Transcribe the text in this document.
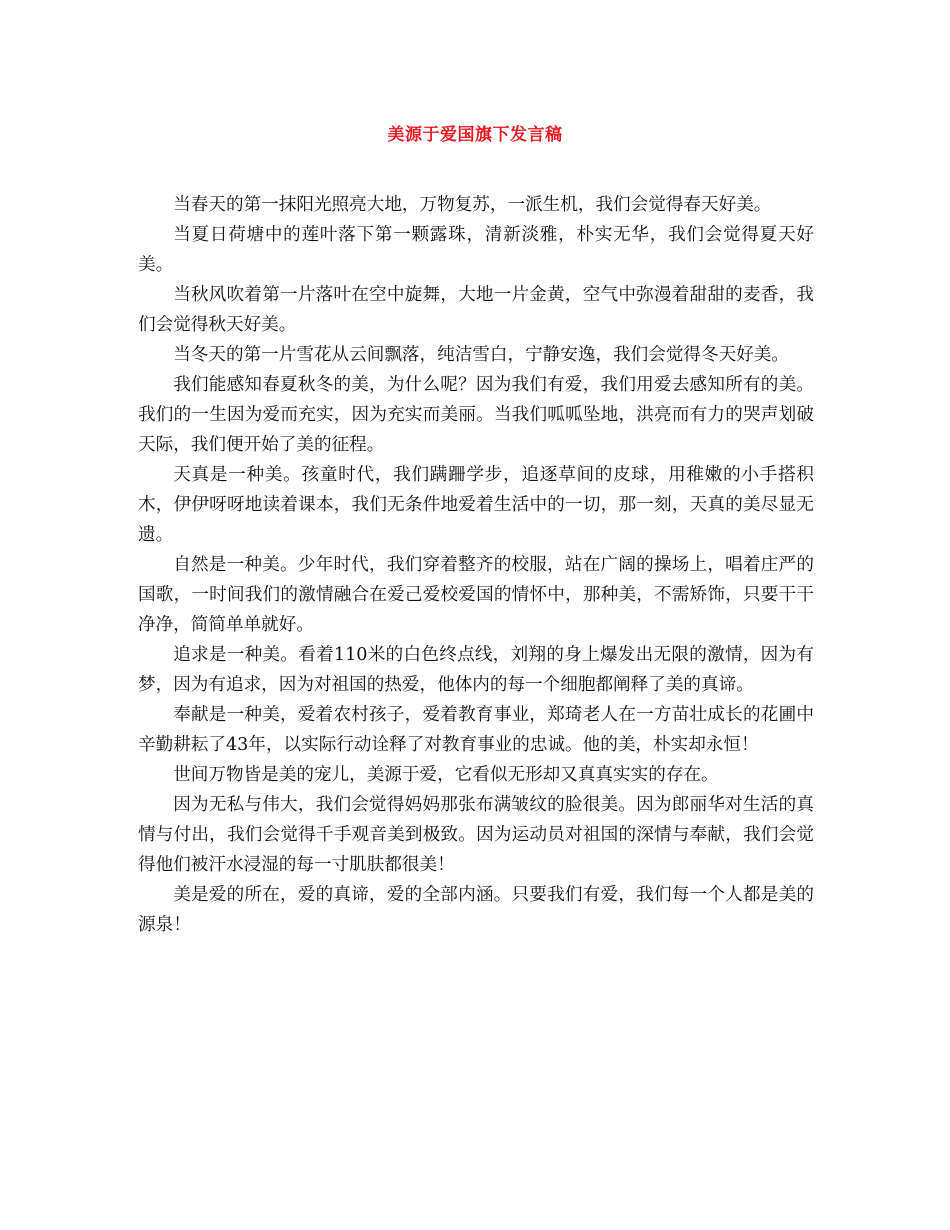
美源于爱国旗下发言稿

当春天的第一抹阳光照亮大地，万物复苏，一派生机，我们会觉得春天好美。

当夏日荷塘中的莲叶落下第一颗露珠，清新淡雅，朴实无华，我们会觉得夏天好美。

当秋风吹着第一片落叶在空中旋舞，大地一片金黄，空气中弥漫着甜甜的麦香，我们会觉得秋天好美。

当冬天的第一片雪花从云间飘落，纯洁雪白，宁静安逸，我们会觉得冬天好美。

我们能感知春夏秋冬的美，为什么呢？因为我们有爱，我们用爱去感知所有的美。我们的一生因为爱而充实，因为充实而美丽。当我们呱呱坠地，洪亮而有力的哭声划破天际，我们便开始了美的征程。

天真是一种美。孩童时代，我们蹒跚学步，追逐草间的皮球，用稚嫩的小手搭积木，伊伊呀呀地读着课本，我们无条件地爱着生活中的一切，那一刻，天真的美尽显无遗。

自然是一种美。少年时代，我们穿着整齐的校服，站在广阔的操场上，唱着庄严的国歌，一时间我们的激情融合在爱己爱校爱国的情怀中，那种美，不需矫饰，只要干干净净，简简单单就好。

追求是一种美。看着110米的白色终点线，刘翔的身上爆发出无限的激情，因为有梦，因为有追求，因为对祖国的热爱，他体内的每一个细胞都阐释了美的真谛。

奉献是一种美，爱着农村孩子，爱着教育事业，郑琦老人在一方苗壮成长的花圃中辛勤耕耘了43年，以实际行动诠释了对教育事业的忠诚。他的美，朴实却永恒！

世间万物皆是美的宠儿，美源于爱，它看似无形却又真真实实的存在。

因为无私与伟大，我们会觉得妈妈那张布满皱纹的脸很美。因为郎丽华对生活的真情与付出，我们会觉得千手观音美到极致。因为运动员对祖国的深情与奉献，我们会觉得他们被汗水浸湿的每一寸肌肤都很美！

美是爱的所在，爱的真谛，爱的全部内涵。只要我们有爱，我们每一个人都是美的源泉！
